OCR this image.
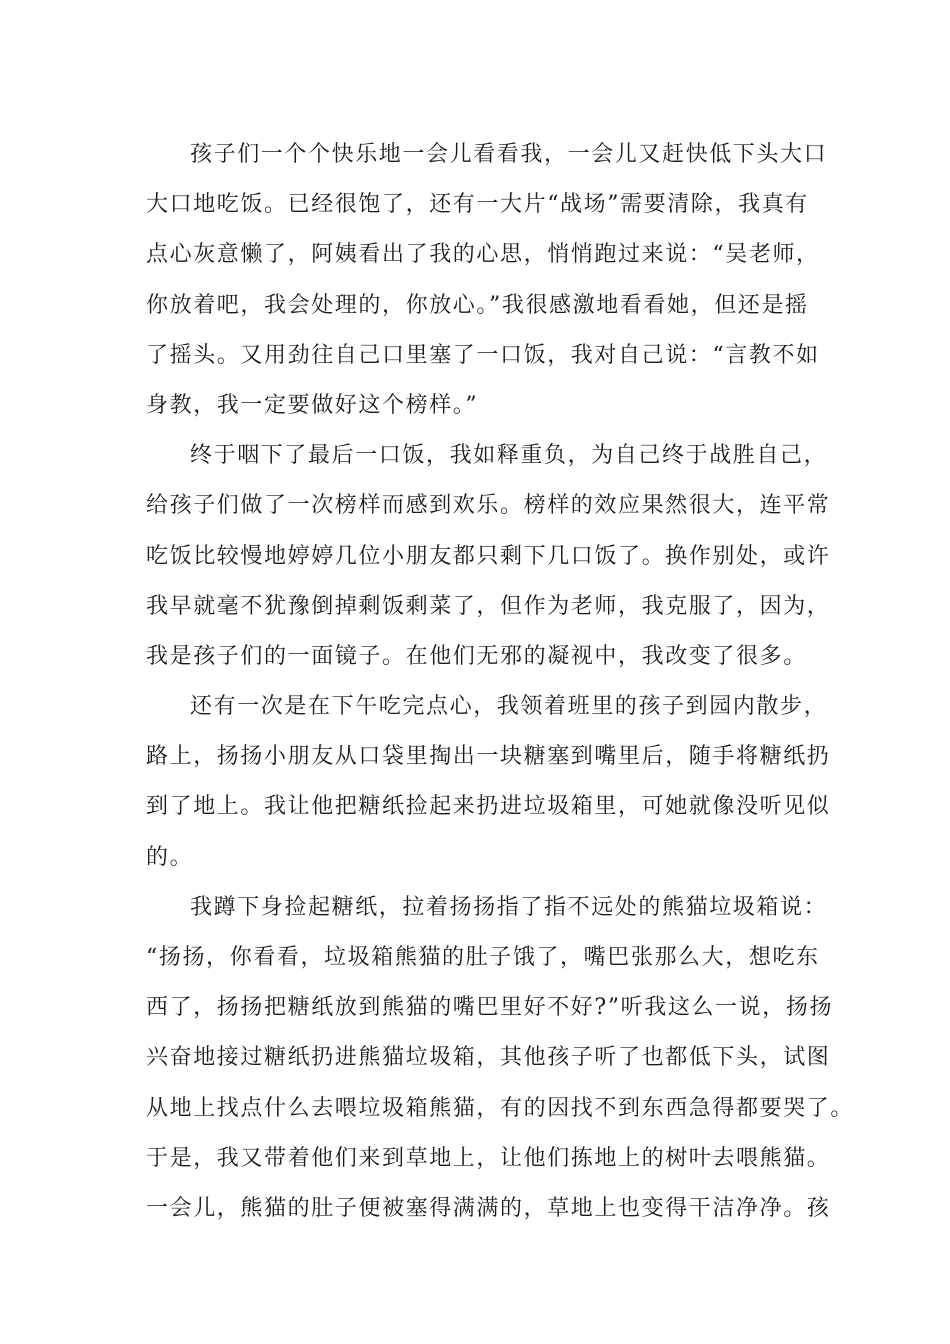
孩子们一个个快乐地一会儿看看我，一会儿又赶快低下头大口
大口地吃饭。已经很饱了，还有一大片“战场”需要清除，我真有
点心灰意懒了，阿姨看出了我的心思，悄悄跑过来说：“吴老师，
你放着吧，我会处理的，你放心。”我很感激地看看她，但还是摇
了摇头。又用劲往自己口里塞了一口饭，我对自己说：“言教不如
身教，我一定要做好这个榜样。”
终于咽下了最后一口饭，我如释重负，为自己终于战胜自己，
给孩子们做了一次榜样而感到欢乐。榜样的效应果然很大，连平常
吃饭比较慢地婷婷几位小朋友都只剩下几口饭了。换作别处，或许
我早就毫不犹豫倒掉剩饭剩菜了，但作为老师，我克服了，因为，
我是孩子们的一面镜子。在他们无邪的凝视中，我改变了很多。
还有一次是在下午吃完点心，我领着班里的孩子到园内散步，
路上，扬扬小朋友从口袋里掏出一块糖塞到嘴里后，随手将糖纸扔
到了地上。我让他把糖纸捡起来扔进垃圾箱里，可她就像没听见似
的。
我蹲下身捡起糖纸，拉着扬扬指了指不远处的熊猫垃圾箱说：
“扬扬，你看看，垃圾箱熊猫的肚子饿了，嘴巴张那么大，想吃东
西了，扬扬把糖纸放到熊猫的嘴巴里好不好?”听我这么一说，扬扬
兴奋地接过糖纸扔进熊猫垃圾箱，其他孩子听了也都低下头，试图
从地上找点什么去喂垃圾箱熊猫，有的因找不到东西急得都要哭了。
于是，我又带着他们来到草地上，让他们拣地上的树叶去喂熊猫。
一会儿，熊猫的肚子便被塞得满满的，草地上也变得干洁净净。孩
